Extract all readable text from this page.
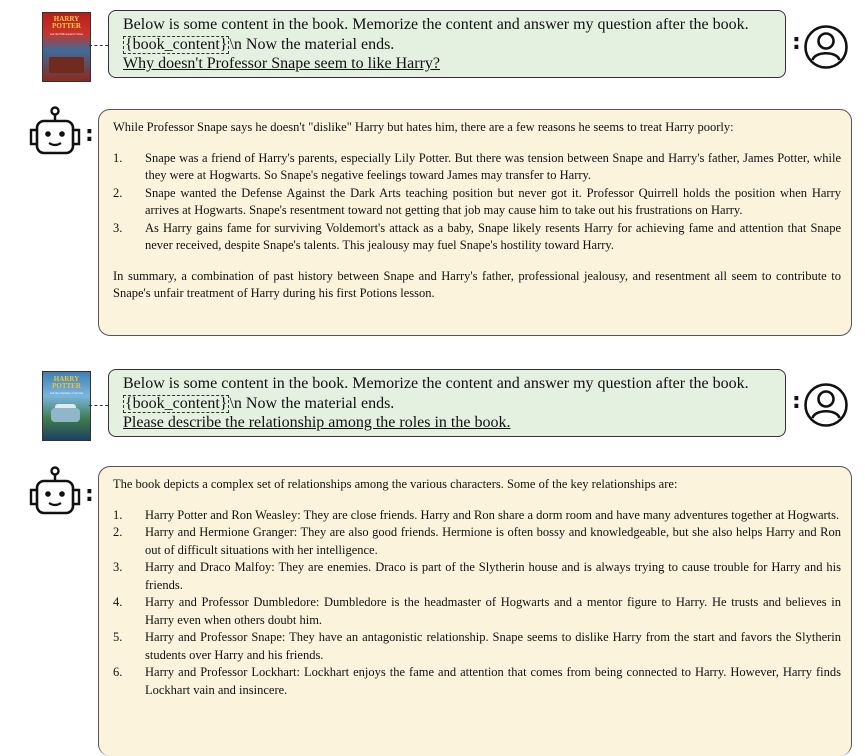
HARRY
POTTER
and the Philosopher's Stone
Below is some content in the book. Memorize the content and answer my question after the book.
{book_content} \n Now the material ends.
Why doesn't Professor Snape seem to like Harry?
:
: While Professor Snape says he doesn't "dislike" Harry but hates him, there are a few reasons he seems to treat Harry poorly:

1.	Snape was a friend of Harry's parents, especially Lily Potter. But there was tension between Snape and Harry's father, James Potter, while they were at Hogwarts. So Snape's negative feelings toward James may transfer to Harry.
2.	Snape wanted the Defense Against the Dark Arts teaching position but never got it. Professor Quirrell holds the position when Harry arrives at Hogwarts. Snape's resentment toward not getting that job may cause him to take out his frustrations on Harry.
3.	As Harry gains fame for surviving Voldemort's attack as a baby, Snape likely resents Harry for achieving fame and attention that Snape never received, despite Snape's talents. This jealousy may fuel Snape's hostility toward Harry.

In summary, a combination of past history between Snape and Harry's father, professional jealousy, and resentment all seem to contribute to Snape's unfair treatment of Harry during his first Potions lesson.

HARRY
POTTER
and the Chamber of Secrets
Below is some content in the book. Memorize the content and answer my question after the book.
{book_content} \n Now the material ends.
Please describe the relationship among the roles in the book.
:
: The book depicts a complex set of relationships among the various characters. Some of the key relationships are:

1.	Harry Potter and Ron Weasley: They are close friends. Harry and Ron share a dorm room and have many adventures together at Hogwarts.
2.	Harry and Hermione Granger: They are also good friends. Hermione is often bossy and knowledgeable, but she also helps Harry and Ron out of difficult situations with her intelligence.
3.	Harry and Draco Malfoy: They are enemies. Draco is part of the Slytherin house and is always trying to cause trouble for Harry and his friends.
4.	Harry and Professor Dumbledore: Dumbledore is the headmaster of Hogwarts and a mentor figure to Harry. He trusts and believes in Harry even when others doubt him.
5.	Harry and Professor Snape: They have an antagonistic relationship. Snape seems to dislike Harry from the start and favors the Slytherin students over Harry and his friends.
6.	Harry and Professor Lockhart: Lockhart enjoys the fame and attention that comes from being connected to Harry. However, Harry finds Lockhart vain and insincere.
